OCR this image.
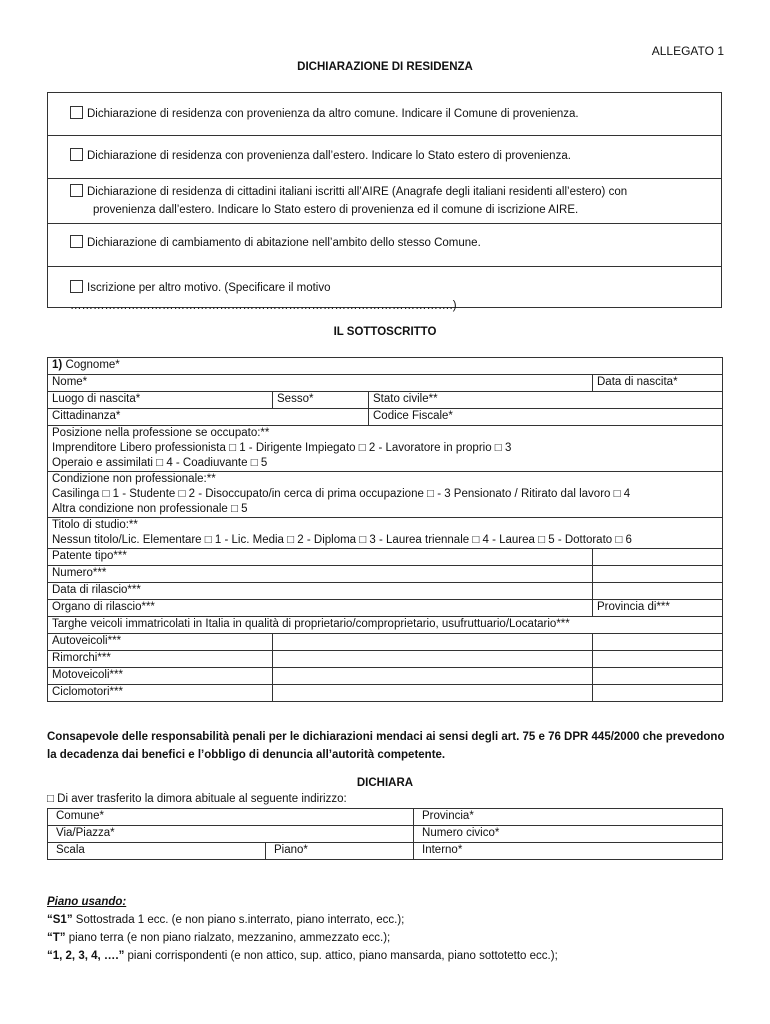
ALLEGATO 1
DICHIARAZIONE DI RESIDENZA
Dichiarazione di residenza con provenienza da altro comune. Indicare il Comune di provenienza.
Dichiarazione di residenza con provenienza dall’estero. Indicare lo Stato estero di provenienza.
Dichiarazione di residenza di cittadini italiani iscritti all’AIRE (Anagrafe degli italiani residenti all’estero) con
provenienza dall’estero. Indicare lo Stato estero di provenienza ed il comune di iscrizione AIRE.
Dichiarazione di cambiamento di abitazione nell’ambito dello stesso Comune.
Iscrizione per altro motivo. (Specificare il motivo ……………………………………………………………………………………….)
IL SOTTOSCRITTO
1) Cognome*			
Nome*			Data di nascita*
Luogo di nascita*	Sesso*	Stato civile**	
Cittadinanza*		Codice Fiscale*	

Posizione nella professione se occupato:**
Imprenditore Libero professionista □ 1 - Dirigente Impiegato □ 2 - Lavoratore in proprio □ 3
Operaio e assimilati □ 4 - Coadiuvante □ 5			

Condizione non professionale:**
Casilinga □ 1 - Studente □ 2 - Disoccupato/in cerca di prima occupazione □ - 3 Pensionato / Ritirato dal lavoro □ 4
Altra condizione non professionale □ 5			

Titolo di studio:**
Nessun titolo/Lic. Elementare □ 1 - Lic. Media □ 2 - Diploma □ 3 - Laurea triennale □ 4 - Laurea □ 5 - Dottorato □ 6			

Patente tipo***			
Numero***			
Data di rilascio***			
Organo di rilascio***			Provincia di***
Targhe veicoli immatricolati in Italia in qualità di proprietario/comproprietario, usufruttuario/Locatario***			
Autoveicoli***			
Rimorchi***			
Motoveicoli***			
Ciclomotori***			
Consapevole delle responsabilità penali per le dichiarazioni mendaci ai sensi degli art. 75 e 76 DPR 445/2000 che prevedono la decadenza dai benefici e l’obbligo di denuncia all’autorità competente.
DICHIARA
□ Di aver trasferito la dimora abituale al seguente indirizzo:
Comune*		Provincia*
Via/Piazza*		Numero civico*
Scala	Piano*	Interno*
Piano usando:
“S1” Sottostrada 1 ecc. (e non piano s.interrato, piano interrato, ecc.);
“T” piano terra (e non piano rialzato, mezzanino, ammezzato ecc.);
“1, 2, 3, 4, ….” piani corrispondenti (e non attico, sup. attico, piano mansarda, piano sottotetto ecc.);
